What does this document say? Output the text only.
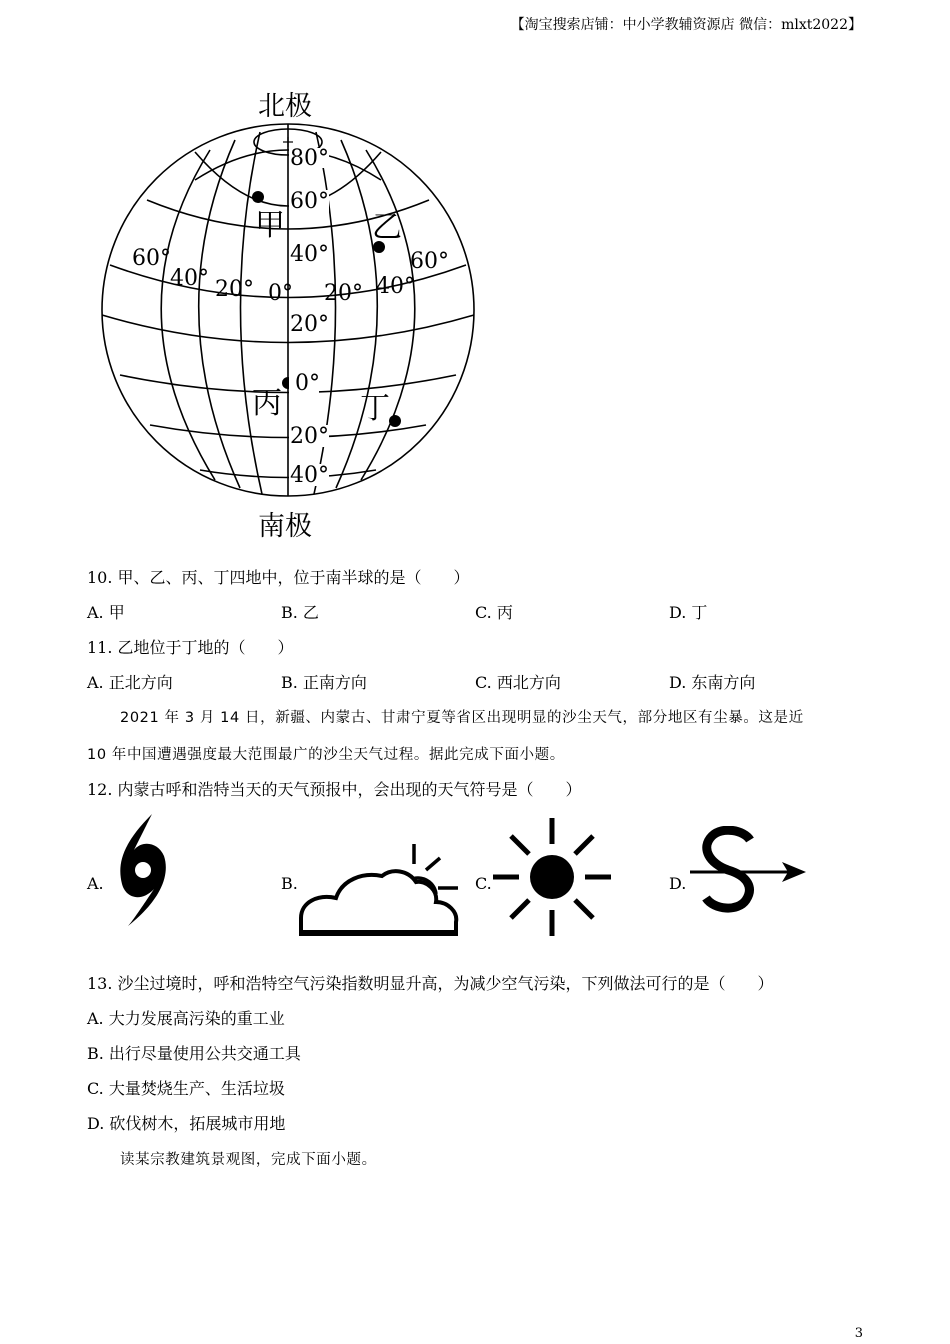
【淘宝搜索店铺：中小学教辅资源店 微信：mlxt2022】
北极
南极
80°
60°
40°
20°
0°
20°
40°
60°
40° 20° 0° 20° 40°
60°
甲	乙
丙	丁
10. 甲、乙、丙、丁四地中，位于南半球的是（　　）
A. 甲	B. 乙	C. 丙	D. 丁
11. 乙地位于丁地的（　　）
A. 正北方向	B. 正南方向	C. 西北方向	D. 东南方向
2021 年 3 月 14 日，新疆、内蒙古、甘肃宁夏等省区出现明显的沙尘天气，部分地区有尘暴。这是近
10 年中国遭遇强度最大范围最广的沙尘天气过程。据此完成下面小题。
12. 内蒙古呼和浩特当天的天气预报中，会出现的天气符号是（　　）
A.	B.	C.	D.
13. 沙尘过境时，呼和浩特空气污染指数明显升高，为减少空气污染，下列做法可行的是（　　）
A. 大力发展高污染的重工业
B. 出行尽量使用公共交通工具
C. 大量焚烧生产、生活垃圾
D. 砍伐树木，拓展城市用地
读某宗教建筑景观图，完成下面小题。
3
